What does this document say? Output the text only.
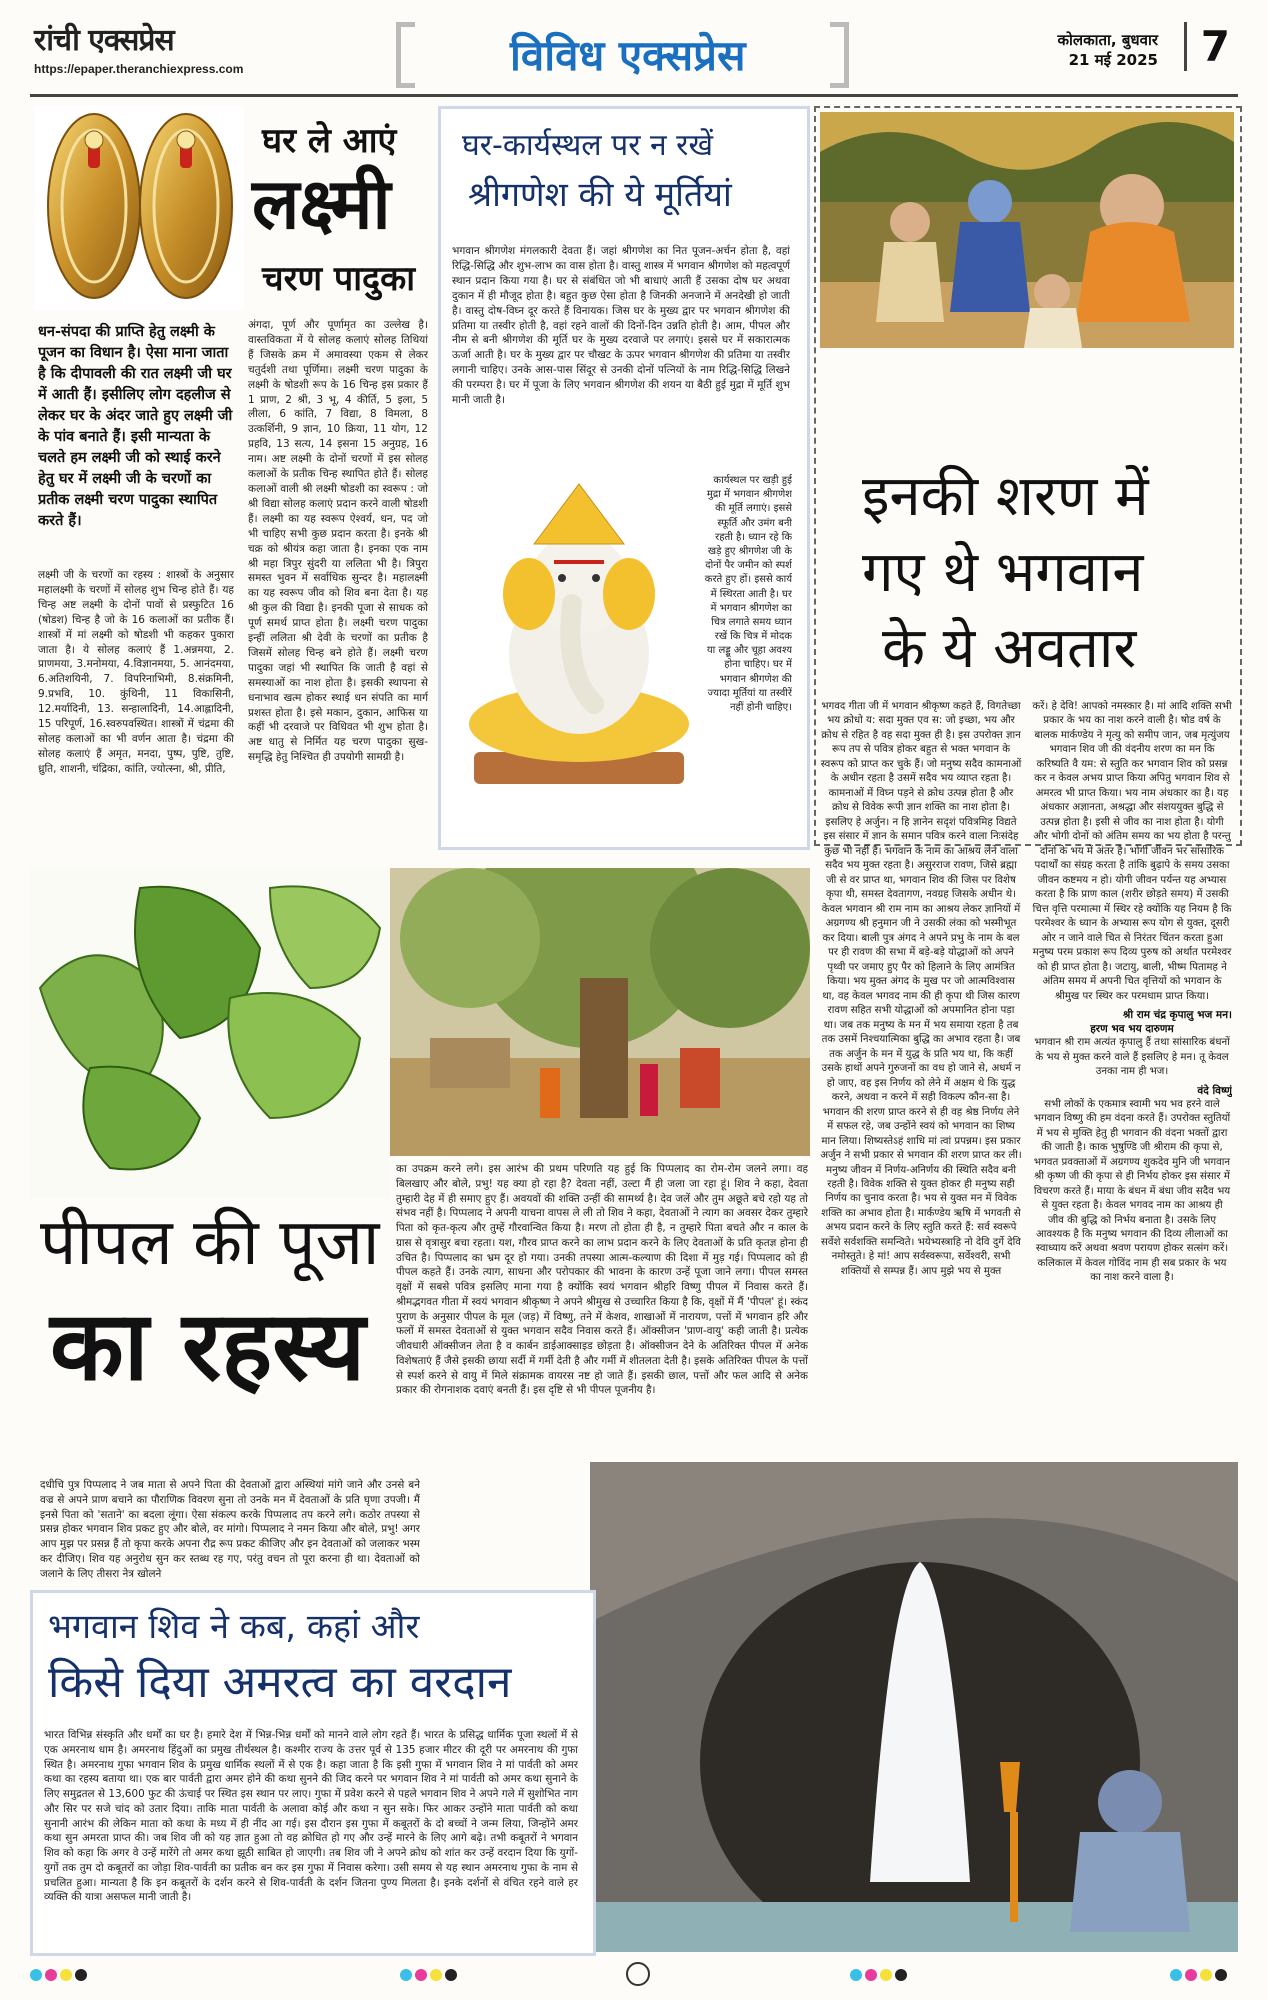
रांची एक्सप्रेस
https://epaper.theranchiexpress.com	विविध एक्सप्रेस	कोलकाता, बुधवार
21 मई 2025	7
घर ले आएं
लक्ष्मी
चरण पादुका
धन-संपदा की प्राप्ति हेतु लक्ष्मी के पूजन का विधान है। ऐसा माना जाता है कि दीपावली की रात लक्ष्मी जी घर में आती हैं। इसीलिए लोग दहलीज से लेकर घर के अंदर जाते हुए लक्ष्मी जी के पांव बनाते हैं। इसी मान्यता के चलते हम लक्ष्मी जी को स्थाई करने हेतु घर में लक्ष्मी जी के चरणों का प्रतीक लक्ष्मी चरण पादुका स्थापित करते हैं।
लक्ष्मी जी के चरणों का रहस्य : शास्त्रों के अनुसार महालक्ष्मी के चरणों में सोलह शुभ चिन्ह होते हैं। यह चिन्ह अष्ट लक्ष्मी के दोनों पावों से प्रस्फुटित 16 (षोडश) चिन्ह है जो के 16 कलाओं का प्रतीक हैं। शास्त्रों में मां लक्ष्मी को षोडशी भी कहकर पुकारा जाता है। ये सोलह कलाएं हैं 1.अन्नमया, 2. प्राणमया, 3.मनोमया, 4.विज्ञानमया, 5. आनंदमया, 6.अतिशयिनी, 7. विपरिनाभिमी, 8.संक्रमिनी, 9.प्रभवि, 10. कुंथिनी, 11 विकासिनी, 12.मर्यादिनी, 13. सन्हालादिनी, 14.आह्लादिनी, 15 परिपूर्ण, 16.स्वरुपवस्थित। शास्त्रों में चंद्रमा की सोलह कलाओं का भी वर्णन आता है। चंद्रमा की सोलह कलाएं हैं अमृत, मनदा, पुष्प, पुष्टि, तुष्टि, ध्रुति, शाशनी, चंद्रिका, कांति, ज्योत्स्ना, श्री, प्रीति,
अंगदा, पूर्ण और पूर्णामृत का उल्लेख है। वास्तविकता में ये सोलह कलाएं सोलह तिथियां हैं जिसके क्रम में अमावस्या एकम से लेकर चतुर्दशी तथा पूर्णिमा। लक्ष्मी चरण पादुका के लक्ष्मी के षोडशी रूप के 16 चिन्ह इस प्रकार हैं 1 प्राण, 2 श्री, 3 भू, 4 कीर्ति, 5 इला, 5 लीला, 6 कांति, 7 विद्या, 8 विमला, 8 उत्कर्शिनी, 9 ज्ञान, 10 क्रिया, 11 योग, 12 प्रहवि, 13 सत्य, 14 इसना 15 अनुग्रह, 16 नाम। अष्ट लक्ष्मी के दोनों चरणों में इस सोलह कलाओं के प्रतीक चिन्ह स्थापित होते हैं। सोलह कलाओं वाली श्री लक्ष्मी षोडशी का स्वरूप : जो श्री विद्या सोलह कलाएं प्रदान करने वाली षोडशी हैं। लक्ष्मी का यह स्वरूप ऐश्वर्य, धन, पद जो भी चाहिए सभी कुछ प्रदान करता है। इनके श्री चक्र को श्रीयंत्र कहा जाता है। इनका एक नाम श्री महा त्रिपुर सुंदरी या ललिता भी है। त्रिपुरा समस्त भुवन में सर्वाधिक सुन्दर है। महालक्ष्मी का यह स्वरूप जीव को शिव बना देता है। यह श्री कुल की विद्या है। इनकी पूजा से साधक को पूर्ण समर्थ प्राप्त होता है। लक्ष्मी चरण पादुका इन्हीं ललिता श्री देवी के चरणों का प्रतीक है जिसमें सोलह चिन्ह बने होते हैं। लक्ष्मी चरण पादुका जहां भी स्थापित कि जाती है वहां से समस्याओं का नाश होता है। इसकी स्थापना से धनाभाव खत्म होकर स्थाई धन संपति का मार्ग प्रशस्त होता है। इसे मकान, दुकान, आफिस या कहीं भी दरवाजे पर विधिवत भी शुभ होता है। अष्ट धातु से निर्मित यह चरण पादुका सुख-समृद्धि हेतु निश्चित ही उपयोगी सामग्री है।
घर-कार्यस्थल पर न रखें
श्रीगणेश की ये मूर्तियां
भगवान श्रीगणेश मंगलकारी देवता हैं। जहां श्रीगणेश का नित पूजन-अर्चन होता है, वहां रिद्धि-सिद्धि और शुभ-लाभ का वास होता है। वास्तु शास्त्र में भगवान श्रीगणेश को महत्वपूर्ण स्थान प्रदान किया गया है। घर से संबंधित जो भी बाधाएं आती हैं उसका दोष घर अथवा दुकान में ही मौजूद होता है। बहुत कुछ ऐसा होता है जिनकी अनजाने में अनदेखी हो जाती है। वास्तु दोष-विघ्न दूर करते हैं विनायक। जिस घर के मुख्य द्वार पर भगवान श्रीगणेश की प्रतिमा या तस्वीर होती है, वहां रहने वालों की दिनों-दिन उन्नति होती है। आम, पीपल और नीम से बनी श्रीगणेश की मूर्ति घर के मुख्य दरवाजे पर लगाएं। इससे घर में सकारात्मक ऊर्जा आती है। घर के मुख्य द्वार पर चौखट के ऊपर भगवान श्रीगणेश की प्रतिमा या तस्वीर लगानी चाहिए। उनके आस-पास सिंदूर से उनकी दोनों पत्नियों के नाम रिद्धि-सिद्धि लिखने की परम्परा है। घर में पूजा के लिए भगवान श्रीगणेश की शयन या बैठी हुई मुद्रा में मूर्ति शुभ मानी जाती है।
कार्यस्थल पर खड़ी हुई मुद्रा में भगवान श्रीगणेश की मूर्ति लगाएं। इससे स्फूर्ति और उमंग बनी रहती है। ध्यान रहे कि खड़े हुए श्रीगणेश जी के दोनों पैर जमीन को स्पर्श करते हुए हों। इससे कार्य में स्थिरता आती है। घर में भगवान श्रीगणेश का चित्र लगाते समय ध्यान रखें कि चित्र में मोदक या लड्डू और चूहा अवश्य होना चाहिए। घर में भगवान श्रीगणेश की ज्यादा मूर्तियां या तस्वीरें नहीं होनी चाहिए।
इनकी शरण में
गए थे भगवान
के ये अवतार
भगवद गीता जी में भगवान श्रीकृष्ण कहते हैं, विगतेच्छा भय क्रोधो य: सदा मुक्त एव स: जो इच्छा, भय और क्रोध से रहित है वह सदा मुक्त ही है। इस उपरोक्त ज्ञान रूप तप से पवित्र होकर बहुत से भक्त भगवान के स्वरूप को प्राप्त कर चुके हैं। जो मनुष्य सदैव कामनाओं के अधीन रहता है उसमें सदैव भय व्याप्त रहता है। कामनाओं में विघ्न पड़ने से क्रोध उत्पन्न होता है और क्रोध से विवेक रूपी ज्ञान शक्ति का नाश होता है। इसलिए हे अर्जुन। न हि ज्ञानेन सदृशं पवित्रमिह विद्यते इस संसार में ज्ञान के समान पवित्र करने वाला निःसंदेह कुछ भी नहीं है। भगवान के नाम का आश्रय लेने वाला सदैव भय मुक्त रहता है। असुरराज रावण, जिसे ब्रह्मा जी से वर प्राप्त था, भगवान शिव की जिस पर विशेष कृपा थी, समस्त देवतागण, नवग्रह जिसके अधीन थे। केवल भगवान श्री राम नाम का आश्रय लेकर ज्ञानियों में अग्रगण्य श्री हनुमान जी ने उसकी लंका को भस्मीभूत कर दिया। बाली पुत्र अंगद ने अपने प्रभु के नाम के बल पर ही रावण की सभा में बड़े-बड़े योद्धाओं को अपने पृथ्वी पर जमाए हुए पैर को हिलाने के लिए आमंत्रित किया। भय मुक्त अंगद के मुख पर जो आत्मविश्वास था, वह केवल भगवद नाम की ही कृपा थी जिस कारण रावण सहित सभी योद्धाओं को अपमानित होना पड़ा था। जब तक मनुष्य के मन में भय समाया रहता है तब तक उसमें निश्चयात्मिका बुद्धि का अभाव रहता है। जब तक अर्जुन के मन में युद्ध के प्रति भय था, कि कहीं उसके हाथों अपने गुरुजनों का वध हो जाने से, अधर्म न हो जाए, वह इस निर्णय को लेने में अक्षम थे कि युद्ध करने, अथवा न करने में सही विकल्प कौन-सा है। भगवान की शरण प्राप्त करने से ही वह श्रेष्ठ निर्णय लेने में सफल रहे, जब उन्होंने स्वयं को भगवान का शिष्य मान लिया। शिष्यस्तेऽहं शाधि मां त्वां प्रपन्नम। इस प्रकार अर्जुन ने सभी प्रकार से भगवान की शरण प्राप्त कर ली। मनुष्य जीवन में निर्णय-अनिर्णय की स्थिति सदैव बनी रहती है। विवेक शक्ति से युक्त होकर ही मनुष्य सही निर्णय का चुनाव करता है। भय से युक्त मन में विवेक शक्ति का अभाव होता है। मार्कण्डेय ऋषि में भगवती से अभय प्रदान करने के लिए स्तुति करते हैं: सर्व स्वरूपे सर्वेशे सर्वशक्ति समन्विते। भयेभ्यस्त्राहि नो देवि दुर्गे देवि नमोस्तुते। हे मां! आप सर्वस्वरूपा, सर्वेश्वरी, सभी शक्तियों से सम्पन्न हैं। आप मुझे भय से मुक्त
करें। हे देवि! आपको नमस्कार है। मां आदि शक्ति सभी प्रकार के भय का नाश करने वाली है। षोड वर्ष के बालक मार्कण्डेय ने मृत्यु को समीप जान, जब मृत्युंजय भगवान शिव जी की वंदनीय शरण का मन कि करिष्यति वै यम: से स्तुति कर भगवान शिव को प्रसन्न कर न केवल अभय प्राप्त किया अपितु भगवान शिव से अमरत्व भी प्राप्त किया। भय नाम अंधकार का है। यह अंधकार अज्ञानता, अश्रद्धा और संशययुक्त बुद्धि से उत्पन्न होता है। इसी से जीव का नाश होता है। योगी और भोगी दोनों को अंतिम समय का भय होता है परन्तु दोनों के भय में अंतर है। भोगी जीवन भर सांसारिक पदार्थों का संग्रह करता है तांकि बुढ़ापे के समय उसका जीवन कष्टमय न हो। योगी जीवन पर्यन्त यह अभ्यास करता है कि प्राण काल (शरीर छोड़ते समय) में उसकी चित्त वृत्ति परमात्मा में स्थिर रहे क्योंकि यह नियम है कि परमेश्वर के ध्यान के अभ्यास रूप योग से युक्त, दूसरी ओर न जाने वाले चित से निरंतर चिंतन करता हुआ मनुष्य परम प्रकाश रूप दिव्य पुरुष को अर्थात परमेश्वर को ही प्राप्त होता है। जटायु, बाली, भीष्म पितामह ने अंतिम समय में अपनी चित वृत्तियों को भगवान के श्रीमुख पर स्थिर कर परमधाम प्राप्त किया।
श्री राम चंद्र कृपालु भज मन।
हरण भव भय दारुणम
भगवान श्री राम अत्यंत कृपालु हैं तथा सांसारिक बंधनों के भय से मुक्त करने वाले हैं इसलिए हे मन। तू केवल उनका नाम ही भज।
वंदे विष्णुं
सभी लोकों के एकमात्र स्वामी भय भव हरने वाले भगवान विष्णु की हम वंदना करते हैं। उपरोक्त स्तुतियों में भय से मुक्ति हेतु ही भगवान की वंदना भक्तों द्वारा की जाती है। काक भुषुण्डि जी श्रीराम की कृपा से, भगवत प्रवक्ताओं में अग्रगण्य शुकदेव मुनि जी भगवान श्री कृष्ण जी की कृपा से ही निर्भय होकर इस संसार में विचरण करते हैं। माया के बंधन में बंधा जीव सदैव भय से युक्त रहता है। केवल भगवद नाम का आश्रय ही जीव की बुद्धि को निर्भय बनाता है। उसके लिए आवश्यक है कि मनुष्य भगवान की दिव्य लीलाओं का स्वाध्याय करें अथवा श्रवण परायण होकर सत्संग करें। कलिकाल में केवल गोविंद नाम ही सब प्रकार के भय का नाश करने वाला है।
पीपल की पूजा
का रहस्य
का उपक्रम करने लगे। इस आरंभ की प्रथम परिणति यह हुई कि पिप्पलाद का रोम-रोम जलने लगा। वह बिलखाए और बोले, प्रभु! यह क्या हो रहा है? देवता नहीं, उल्टा मैं ही जला जा रहा हूं। शिव ने कहा, देवता तुम्हारी देह में ही समाए हुए हैं। अवयवों की शक्ति उन्हीं की सामर्थ्य है। देव जलें और तुम अछूते बचे रहो यह तो संभव नहीं है। पिप्पलाद ने अपनी याचना वापस ले ली तो शिव ने कहा, देवताओं ने त्याग का अवसर देकर तुम्हारे पिता को कृत-कृत्य और तुम्हें गौरवान्वित किया है। मरण तो होता ही है, न तुम्हारे पिता बचते और न काल के ग्रास से वृत्रासुर बचा रहता। यश, गौरव प्राप्त करने का लाभ प्रदान करने के लिए देवताओं के प्रति कृतज्ञ होना ही उचित है। पिप्पलाद का भ्रम दूर हो गया। उनकी तपस्या आत्म-कल्याण की दिशा में मुड़ गई। पिप्पलाद को ही पीपल कहते हैं। उनके त्याग, साधना और परोपकार की भावना के कारण उन्हें पूजा जाने लगा। पीपल समस्त वृक्षों में सबसे पवित्र इसलिए माना गया है क्योंकि स्वयं भगवान श्रीहरि विष्णु पीपल में निवास करते हैं। श्रीमद्भगवत गीता में स्वयं भगवान श्रीकृष्ण ने अपने श्रीमुख से उच्चारित किया है कि, वृक्षों में मैं 'पीपल' हूं। स्कंद पुराण के अनुसार पीपल के मूल (जड़) में विष्णु, तने में केशव, शाखाओं में नारायण, पत्तों में भगवान हरि और फलों में समस्त देवताओं से युक्त भगवान सदैव निवास करते हैं। ऑक्सीजन 'प्राण-वायु' कही जाती है। प्रत्येक जीवधारी ऑक्सीजन लेता है व कार्बन डाईआक्साइड छोड़ता है। ऑक्सीजन देने के अतिरिक्त पीपल में अनेक विशेषताएं हैं जैसे इसकी छाया सर्दी में गर्मी देती है और गर्मी में शीतलता देती है। इसके अतिरिक्त पीपल के पत्तों से स्पर्श करने से वायु में मिले संक्रामक वायरस नष्ट हो जाते हैं। इसकी छाल, पत्तों और फल आदि से अनेक प्रकार की रोगनाशक दवाएं बनती हैं। इस दृष्टि से भी पीपल पूजनीय है।
दधीचि पुत्र पिप्पलाद ने जब माता से अपने पिता की देवताओं द्वारा अस्थियां मांगे जाने और उनसे बने वज्र से अपने प्राण बचाने का पौराणिक विवरण सुना तो उनके मन में देवताओं के प्रति घृणा उपजी। मैं इनसे पिता को 'सताने' का बदला लूंगा। ऐसा संकल्प करके पिप्पलाद तप करने लगे। कठोर तपस्या से प्रसन्न होकर भगवान शिव प्रकट हुए और बोले, वर मांगो। पिप्पलाद ने नमन किया और बोले, प्रभु! अगर आप मुझ पर प्रसन्न हैं तो कृपा करके अपना रौद्र रूप प्रकट कीजिए और इन देवताओं को जलाकर भस्म कर दीजिए। शिव यह अनुरोध सुन कर स्तब्ध रह गए, परंतु वचन तो पूरा करना ही था। देवताओं को जलाने के लिए तीसरा नेत्र खोलने
भगवान शिव ने कब, कहां और
किसे दिया अमरत्व का वरदान
भारत विभिन्न संस्कृति और धर्मों का घर है। हमारे देश में भिन्न-भिन्न धर्मों को मानने वाले लोग रहते हैं। भारत के प्रसिद्ध धार्मिक पूजा स्थलों में से एक अमरनाथ धाम है। अमरनाथ हिंदुओं का प्रमुख तीर्थस्थल है। कश्मीर राज्य के उत्तर पूर्व से 135 हजार मीटर की दूरी पर अमरनाथ की गुफा स्थित है। अमरनाथ गुफा भगवान शिव के प्रमुख धार्मिक स्थलों में से एक है। कहा जाता है कि इसी गुफा में भगवान शिव ने मां पार्वती को अमर कथा का रहस्य बताया था। एक बार पार्वती द्वारा अमर होने की कथा सुनने की जिद करने पर भगवान शिव ने मां पार्वती को अमर कथा सुनाने के लिए समुद्रतल से 13,600 फुट की ऊंचाई पर स्थित इस स्थान पर लाए। गुफा में प्रवेश करने से पहले भगवान शिव ने अपने गले में सुशोभित नाग और सिर पर सजे चांद को उतार दिया। ताकि माता पार्वती के अलावा कोई और कथा न सुन सके। फिर आकर उन्होंने माता पार्वती को कथा सुनानी आरंभ की लेकिन माता को कथा के मध्य में ही नींद आ गई। इस दौरान इस गुफा में कबूतरों के दो बच्चों ने जन्म लिया, जिन्होंने अमर कथा सुन अमरता प्राप्त की। जब शिव जी को यह ज्ञात हुआ तो वह क्रोधित हो गए और उन्हें मारने के लिए आगे बढ़े। तभी कबूतरों ने भगवान शिव को कहा कि अगर वे उन्हें मारेंगे तो अमर कथा झूठी साबित हो जाएगी। तब शिव जी ने अपने क्रोध को शांत कर उन्हें वरदान दिया कि युगों-युगों तक तुम दो कबूतरों का जोड़ा शिव-पार्वती का प्रतीक बन कर इस गुफा में निवास करेगा। उसी समय से यह स्थान अमरनाथ गुफा के नाम से प्रचलित हुआ। मान्यता है कि इन कबूतरों के दर्शन करने से शिव-पार्वती के दर्शन जितना पुण्य मिलता है। इनके दर्शनों से वंचित रहने वाले हर व्यक्ति की यात्रा असफल मानी जाती है।
